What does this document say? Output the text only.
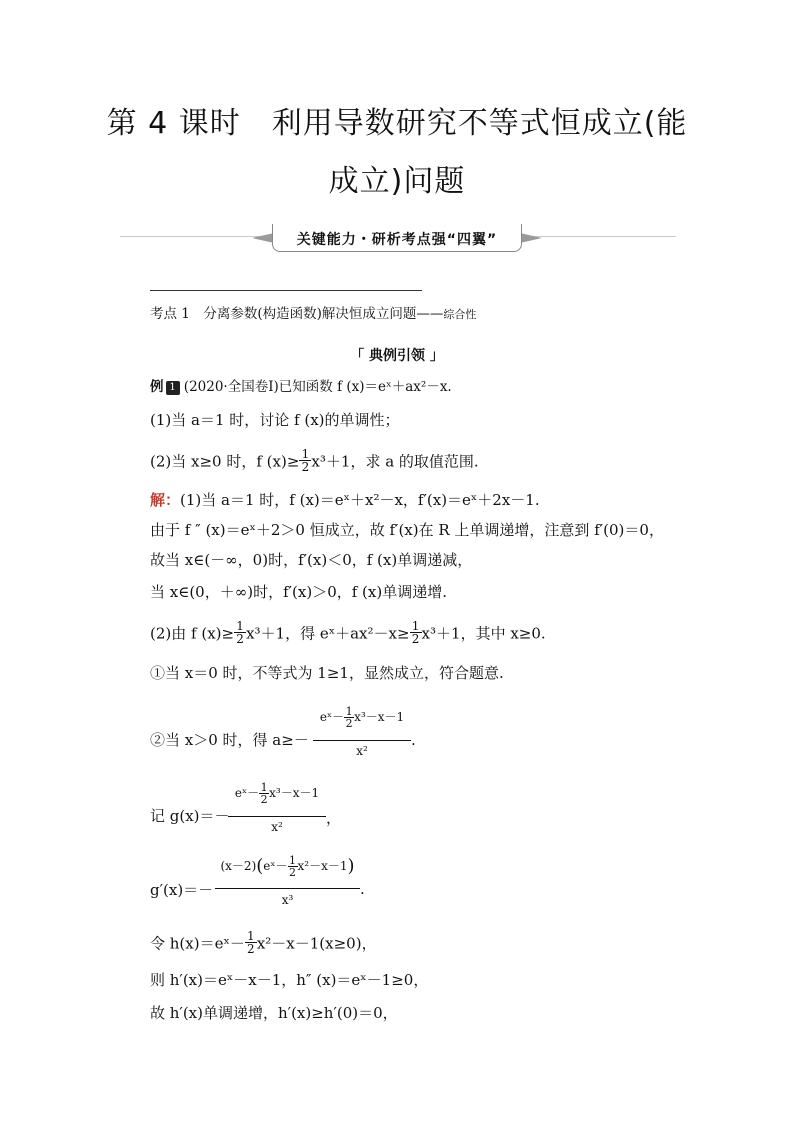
第 4 课时　利用导数研究不等式恒成立(能
成立)问题
关键能力・研析考点强“四翼”
考点 1　分离参数(构造函数)解决恒成立问题——综合性
「 典例引领 」
例 1 (2020·全国卷Ⅰ)已知函数 f (x)＝eˣ＋ax²－x.
(1)当 a＝1 时，讨论 f (x)的单调性；
(2)当 x≥0 时，f $(x)\ge \frac{1}{2} x^3+1$，求 a 的取值范围.
解：(1)当 a＝1 时，f (x)＝eˣ＋x²－x，f′(x)＝eˣ＋2x－1.
由于 f ″ (x)＝eˣ＋2＞0 恒成立，故 f′(x)在 R 上单调递增，注意到 f′(0)＝0，
故当 x∈(－∞，0)时，f′(x)＜0，f (x)单调递减，
当 x∈(0，＋∞)时，f′(x)＞0，f (x)单调递增.
(2)由 f $(x)\ge \frac{1}{2} x^3+1$，得 eˣ＋ax²－x≥ $\frac{1}{2} x^3+1$，其中 x≥0.
①当 x＝0 时，不等式为 1≥1，显然成立，符合题意.
②当 x＞0 时，得 a≥－
eˣ－ $\frac{1}{2} x^3-x-1$
x²
.
记 g(x)＝－
eˣ－ $\frac{1}{2} x^3-x-1$
x²	，
g′(x)＝－
(x－2)(eˣ－ $\frac{1}{2} x^2-x-1$)
x³
.
令 h(x)＝eˣ－ $\frac{1}{2} x^2-x-1(x\ge 0)$，
则 h′(x)＝eˣ－x－1，h″ (x)＝eˣ－1≥0，
故 h′(x)单调递增，h′(x)≥h′(0)＝0，
